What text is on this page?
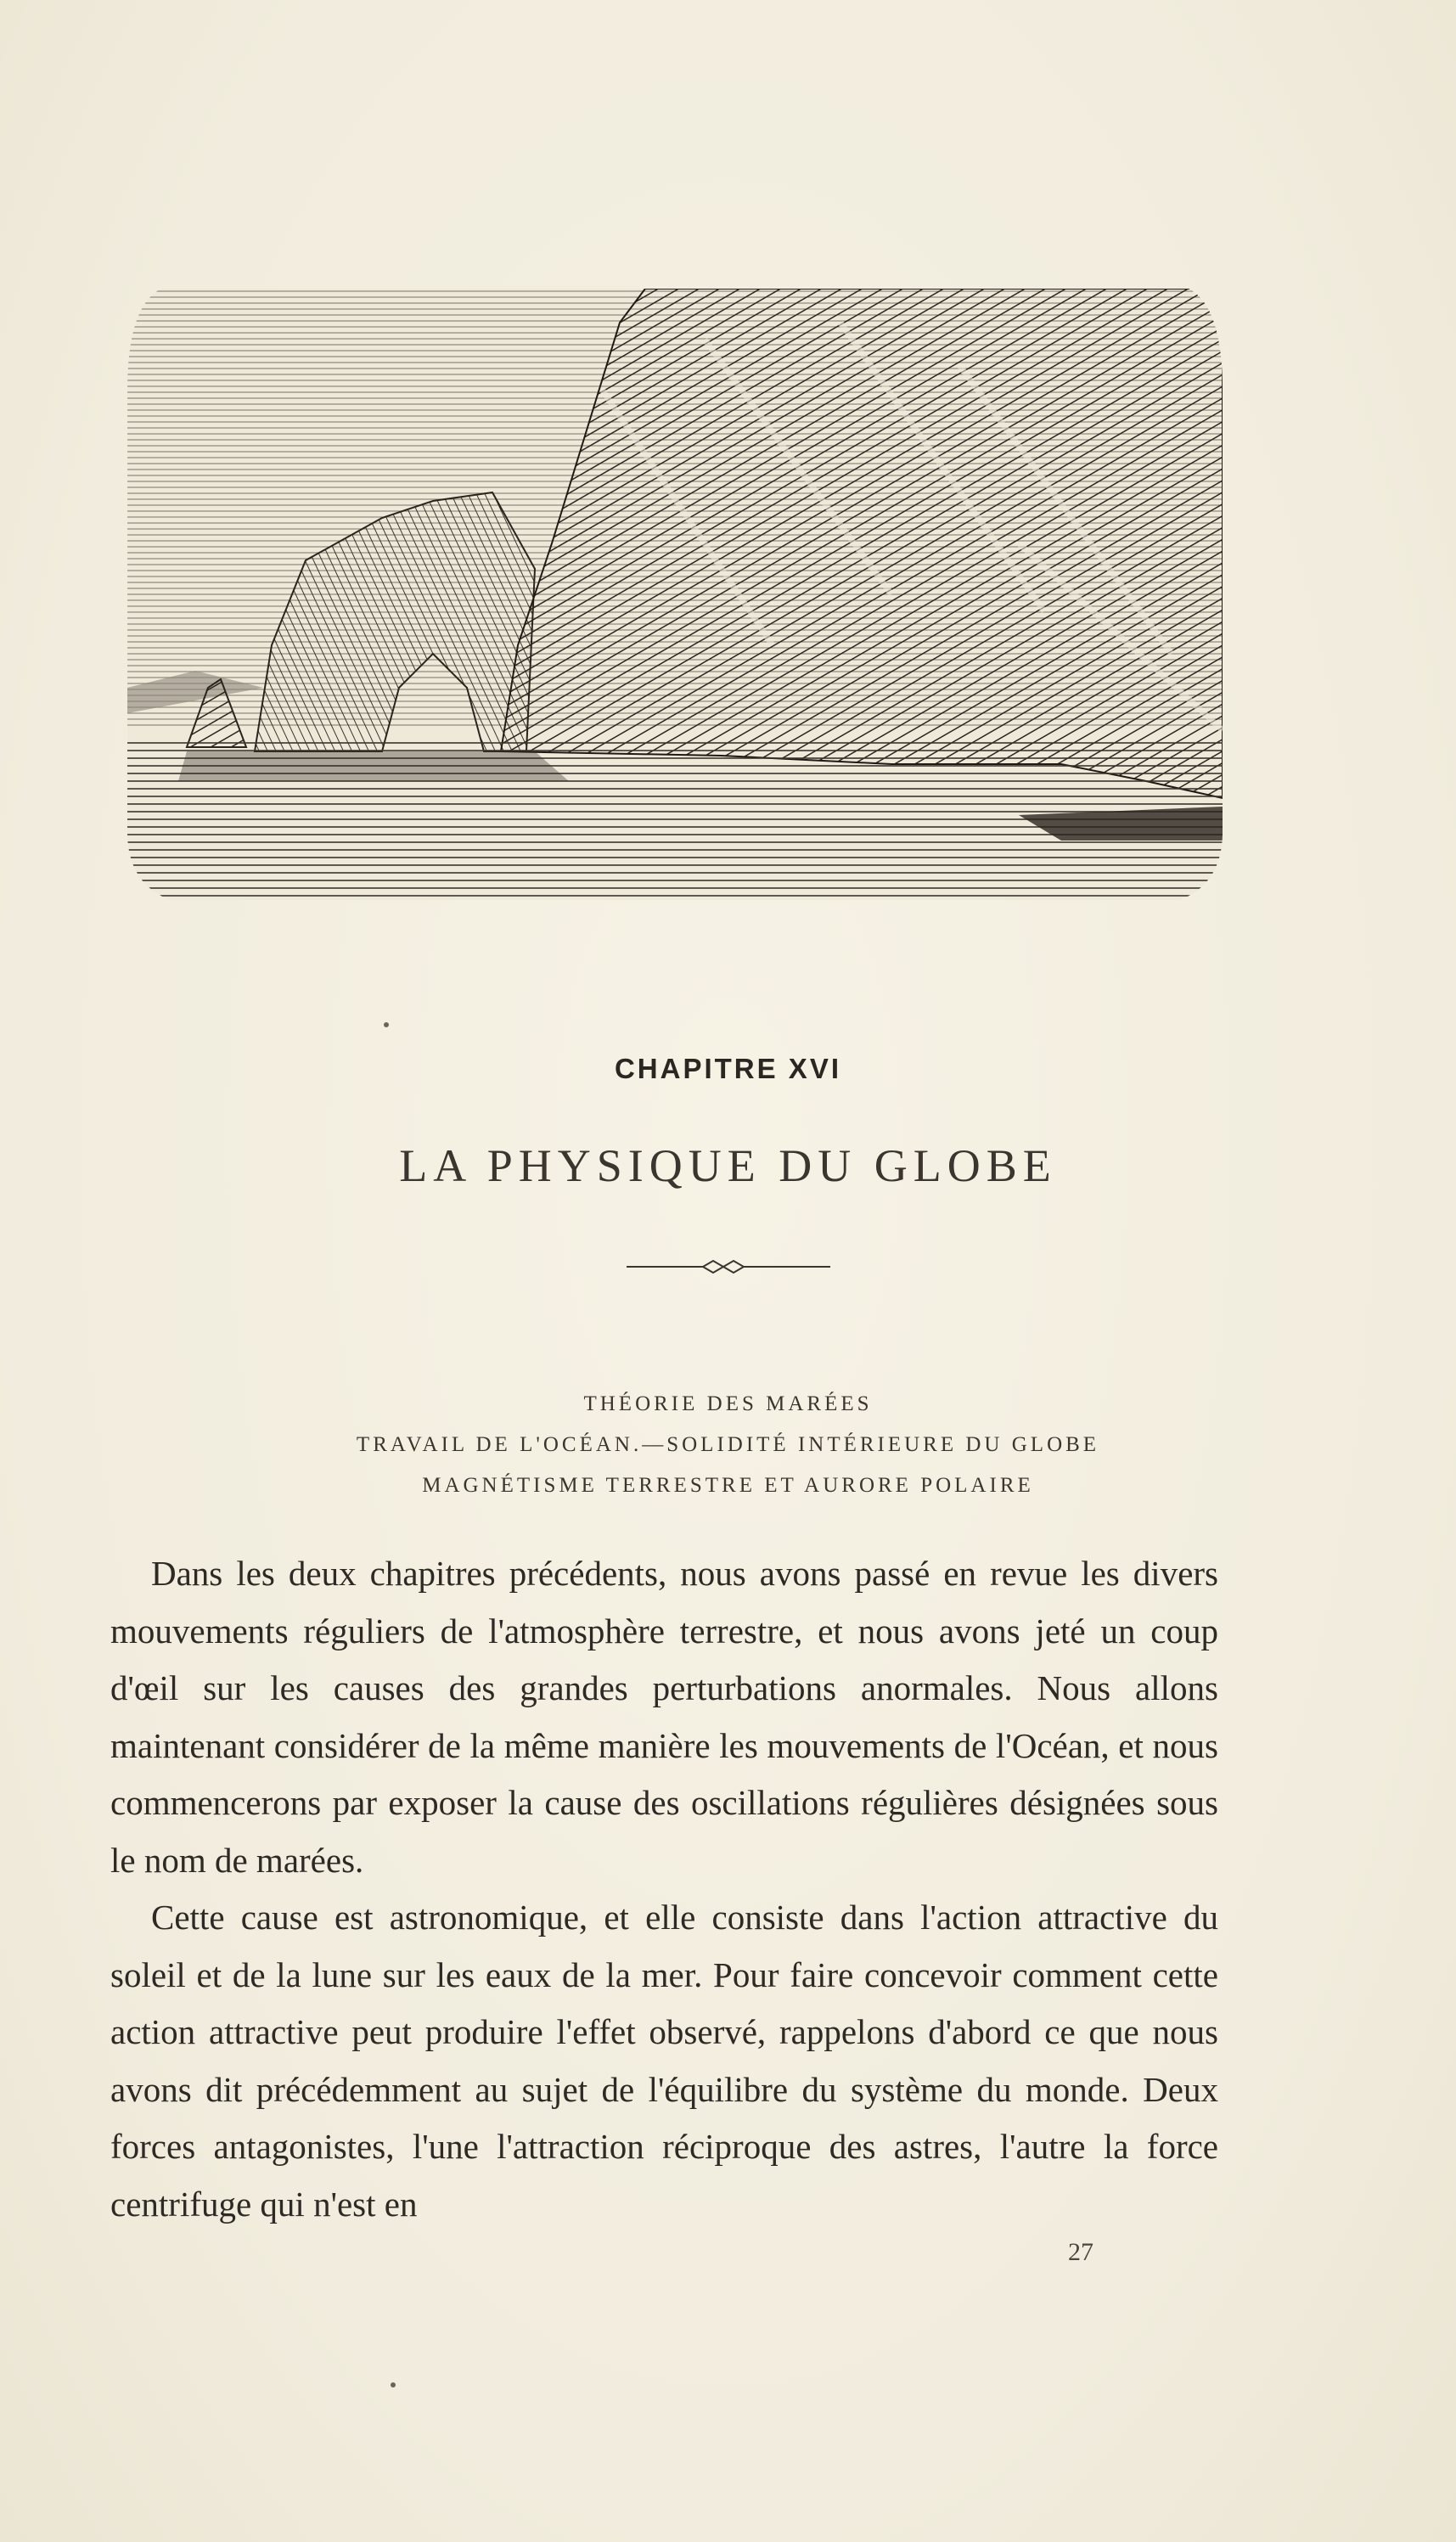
CHAPITRE XVI
LA PHYSIQUE DU GLOBE
THÉORIE DES MARÉES
TRAVAIL DE L'OCÉAN.—SOLIDITÉ INTÉRIEURE DU GLOBE
MAGNÉTISME TERRESTRE ET AURORE POLAIRE

Dans les deux chapitres précédents, nous avons passé en revue les divers mouvements réguliers de l'atmosphère terrestre, et nous avons jeté un coup d'œil sur les causes des grandes perturbations anormales. Nous allons maintenant considérer de la même manière les mouvements de l'Océan, et nous commencerons par exposer la cause des oscillations régulières désignées sous le nom de marées.

Cette cause est astronomique, et elle consiste dans l'action attractive du soleil et de la lune sur les eaux de la mer. Pour faire concevoir comment cette action attractive peut produire l'effet observé, rappelons d'abord ce que nous avons dit précédemment au sujet de l'équilibre du système du monde. Deux forces antagonistes, l'une l'attraction réciproque des astres, l'autre la force centrifuge qui n'est en

27
